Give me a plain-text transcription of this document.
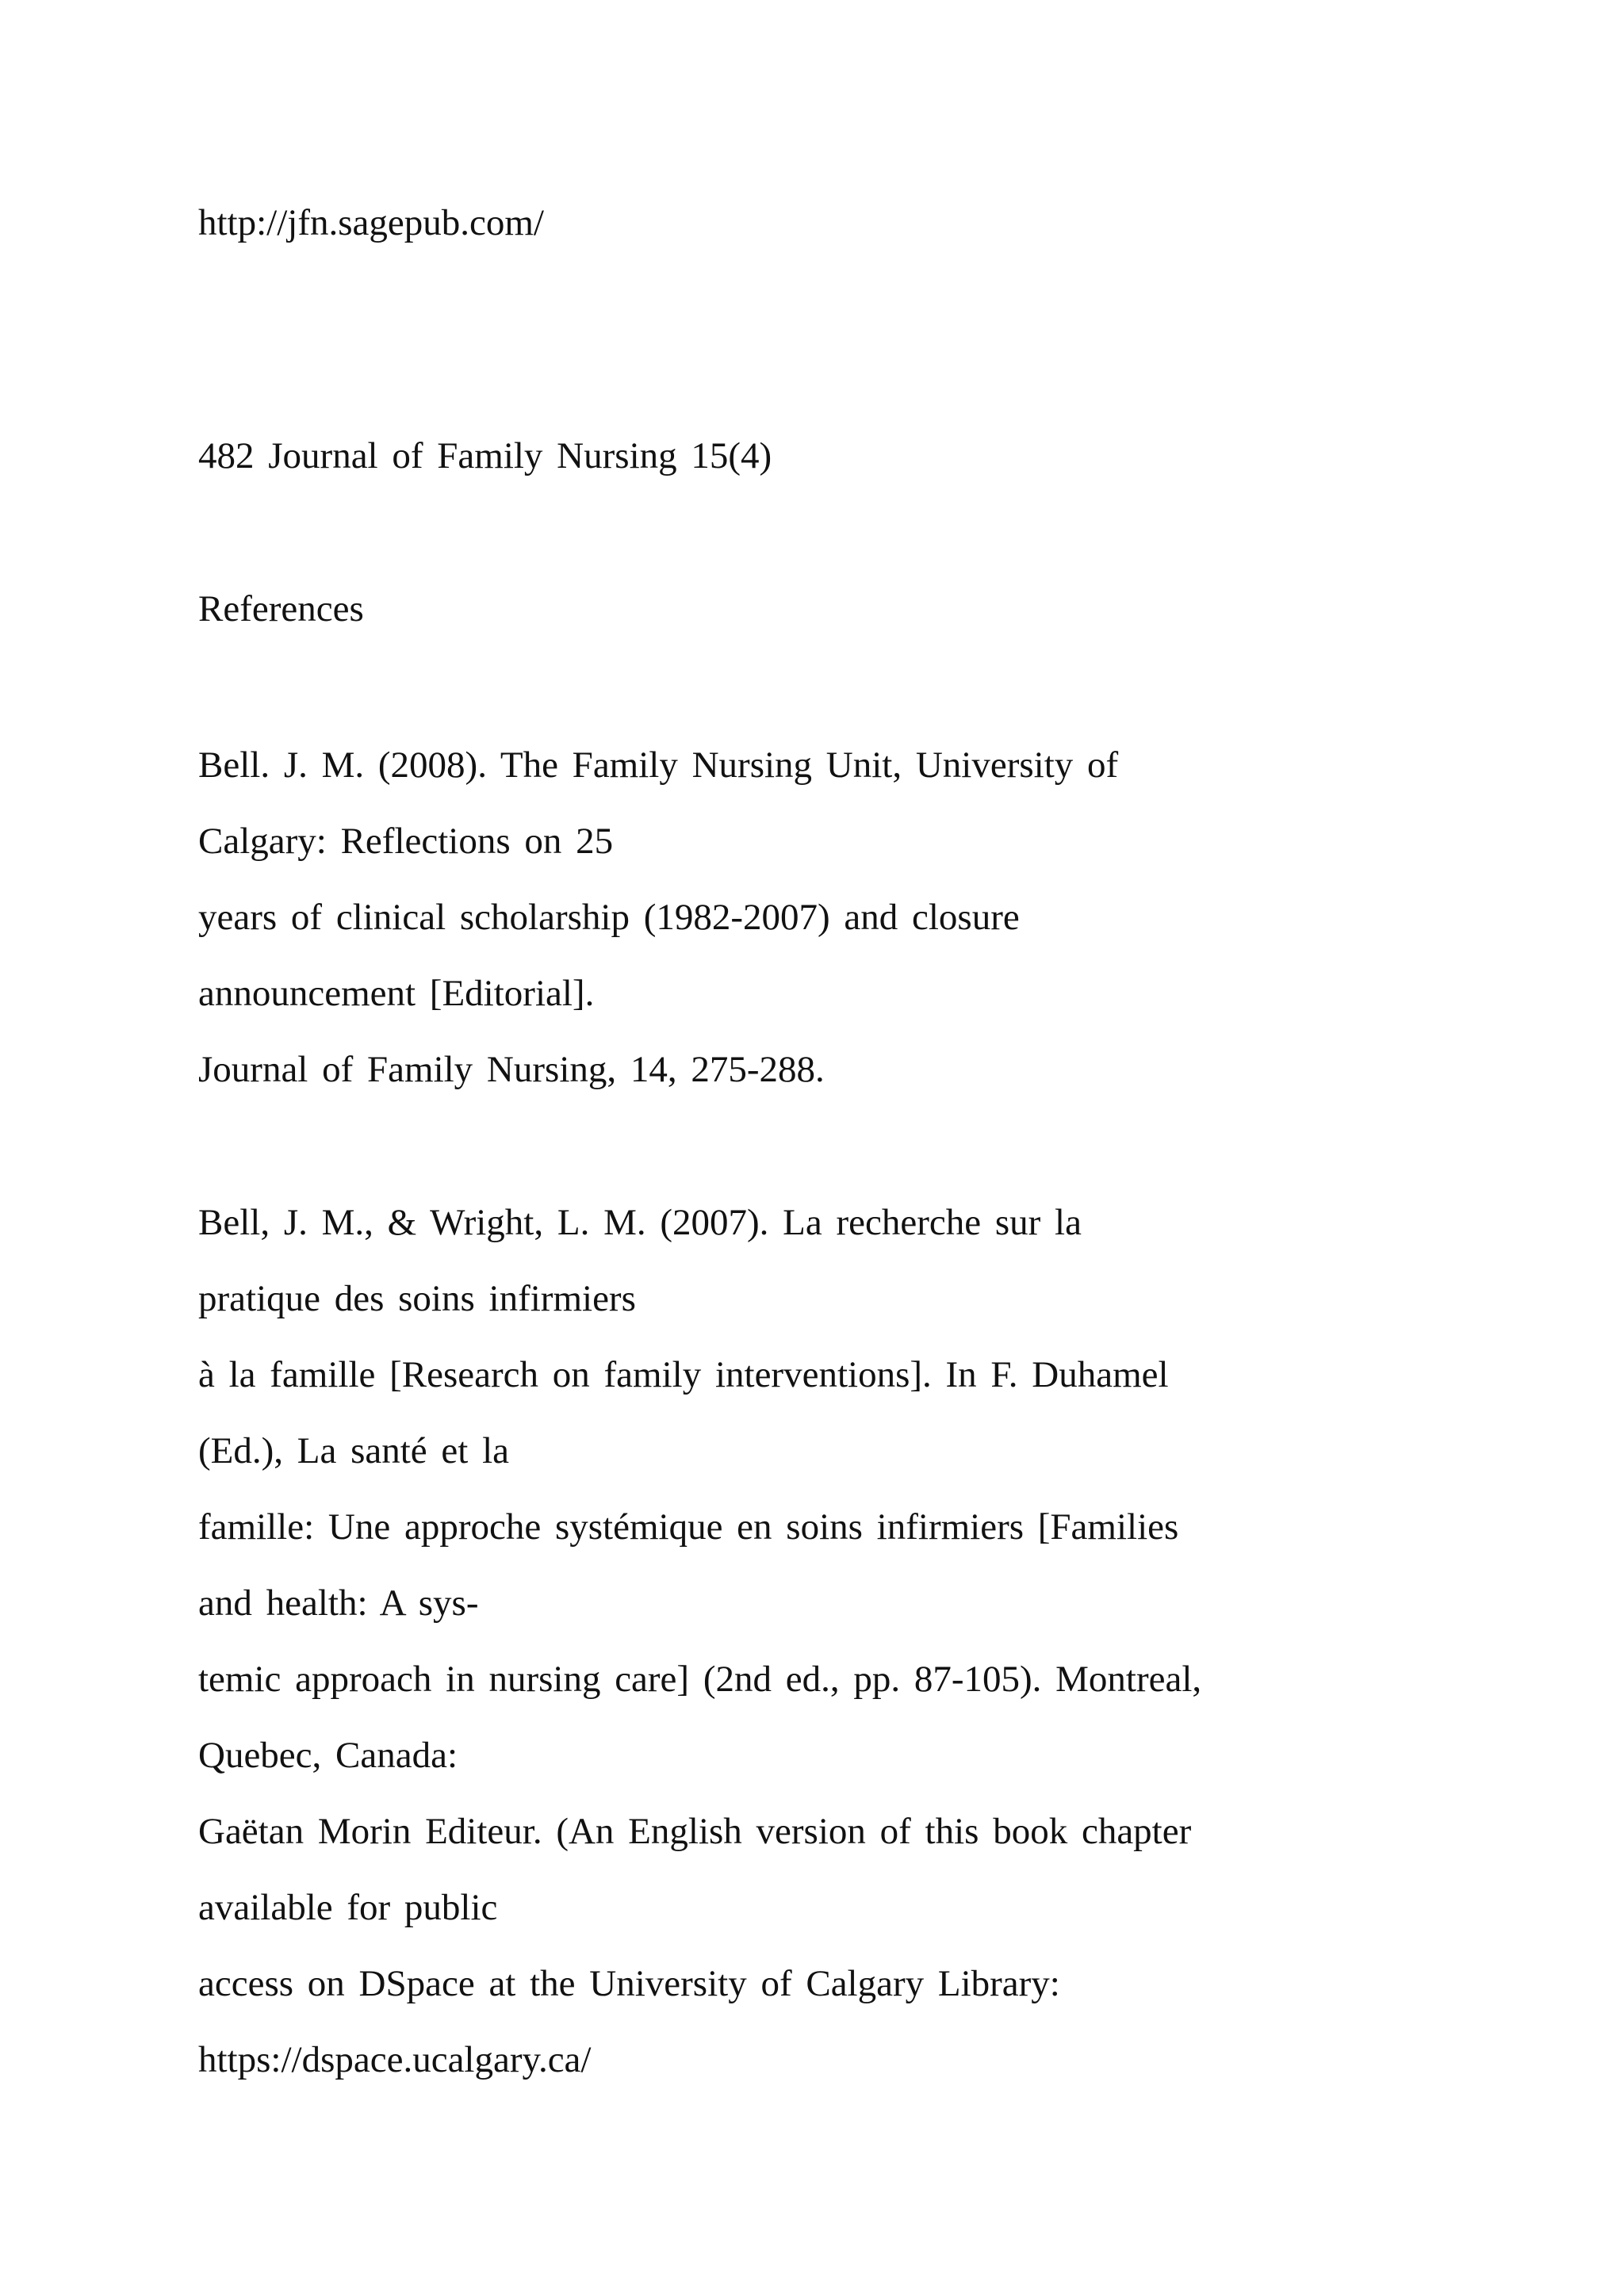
http://jfn.sagepub.com/
482 Journal of Family Nursing 15(4)
References
Bell. J. M. (2008). The Family Nursing Unit, University of
Calgary: Reflections on 25
years of clinical scholarship (1982-2007) and closure
announcement [Editorial].
Journal of Family Nursing, 14, 275-288.
Bell, J. M., & Wright, L. M. (2007). La recherche sur la
pratique des soins infirmiers
à la famille [Research on family interventions]. In F. Duhamel
(Ed.), La santé et la
famille: Une approche systémique en soins infirmiers [Families
and health: A sys-
temic approach in nursing care] (2nd ed., pp. 87-105). Montreal,
Quebec, Canada:
Gaëtan Morin Editeur. (An English version of this book chapter
available for public
access on DSpace at the University of Calgary Library:
https://dspace.ucalgary.ca/
